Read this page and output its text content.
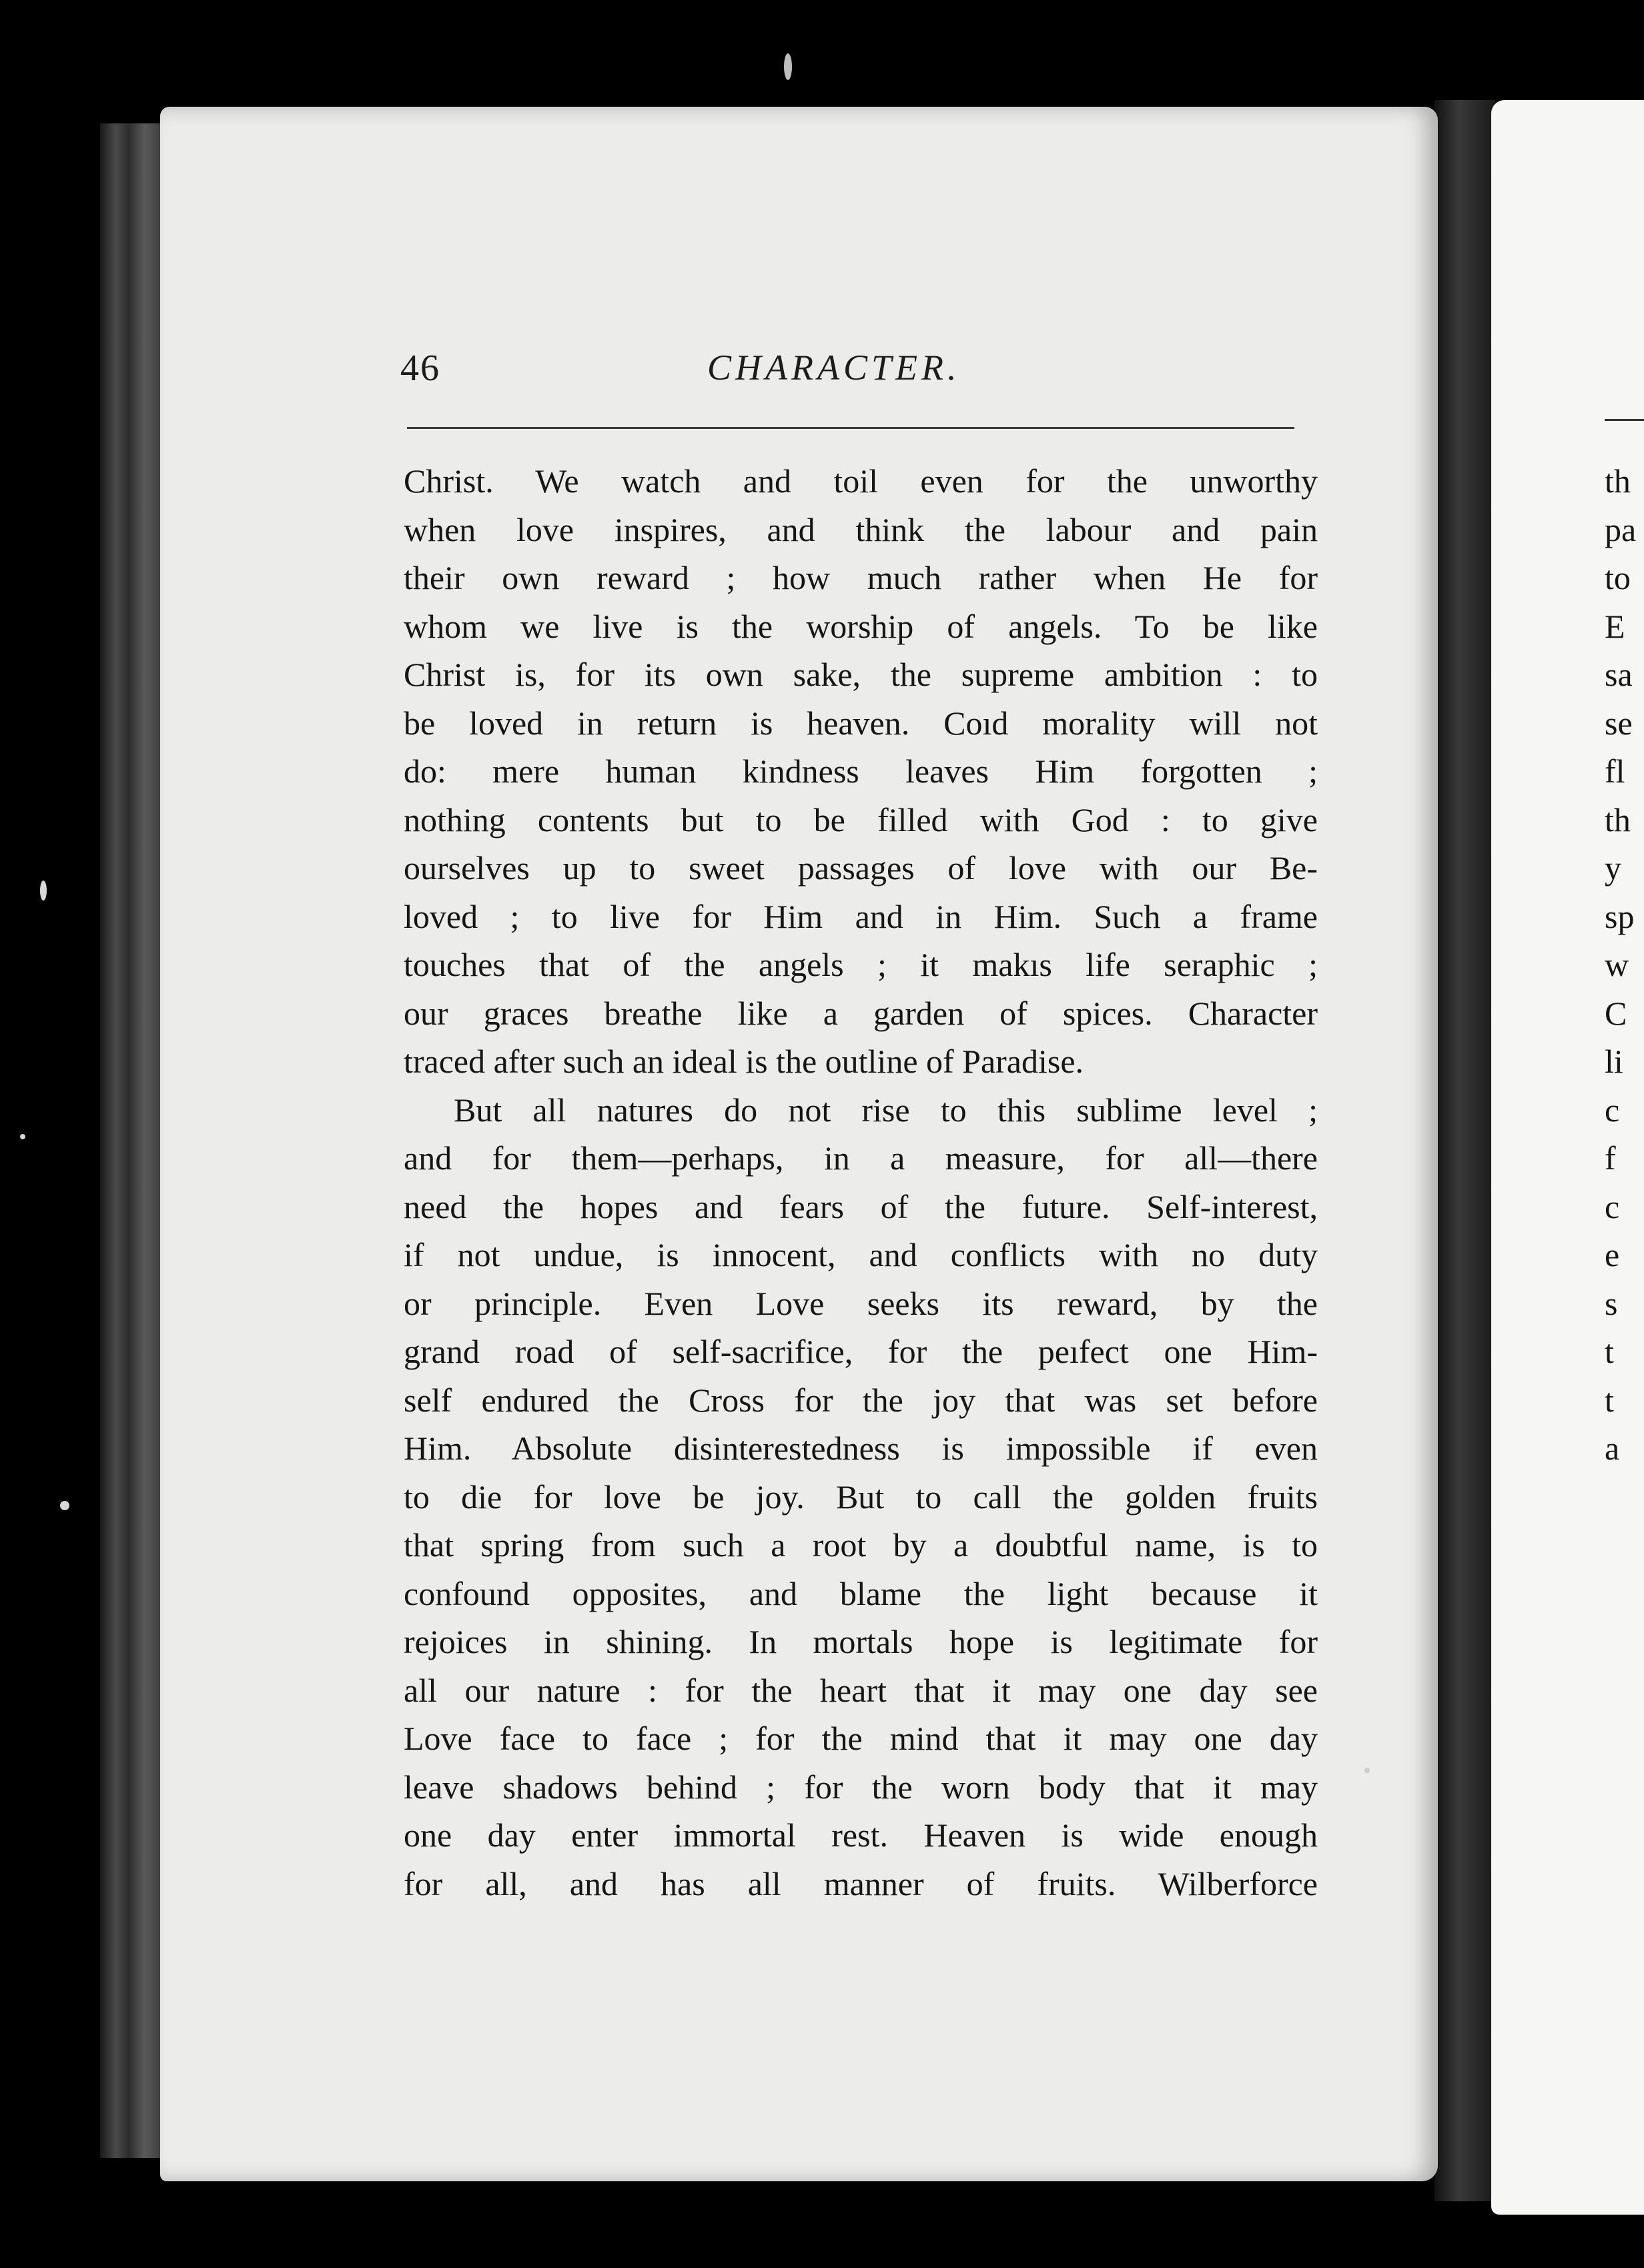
46	CHARACTER.
Christ. We watch and toil even for the unworthy
when love inspires, and think the labour and pain
their own reward ; how much rather when He for
whom we live is the worship of angels. To be like
Christ is, for its own sake, the supreme ambition : to
be loved in return is heaven. Coıd morality will not
do: mere human kindness leaves Him forgotten ;
nothing contents but to be filled with God : to give
ourselves up to sweet passages of love with our Be-
loved ; to live for Him and in Him. Such a frame
touches that of the angels ; it makıs life seraphic ;
our graces breathe like a garden of spices. Character
traced after such an ideal is the outline of Paradise.
But all natures do not rise to this sublime level ;
and for them—perhaps, in a measure, for all—there
need the hopes and fears of the future. Self-interest,
if not undue, is innocent, and conflicts with no duty
or principle. Even Love seeks its reward, by the
grand road of self-sacrifice, for the peıfect one Him-
self endured the Cross for the joy that was set before
Him. Absolute disinterestedness is impossible if even
to die for love be joy. But to call the golden fruits
that spring from such a root by a doubtful name, is to
confound opposites, and blame the light because it
rejoices in shining. In mortals hope is legitimate for
all our nature : for the heart that it may one day see
Love face to face ; for the mind that it may one day
leave shadows behind ; for the worn body that it may
one day enter immortal rest. Heaven is wide enough
for all, and has all manner of fruits. Wilberforce
th
pa
to
E
sa
se
fl
th
y
sp
w
C
li
c
f
c
e
s
t
t
a
